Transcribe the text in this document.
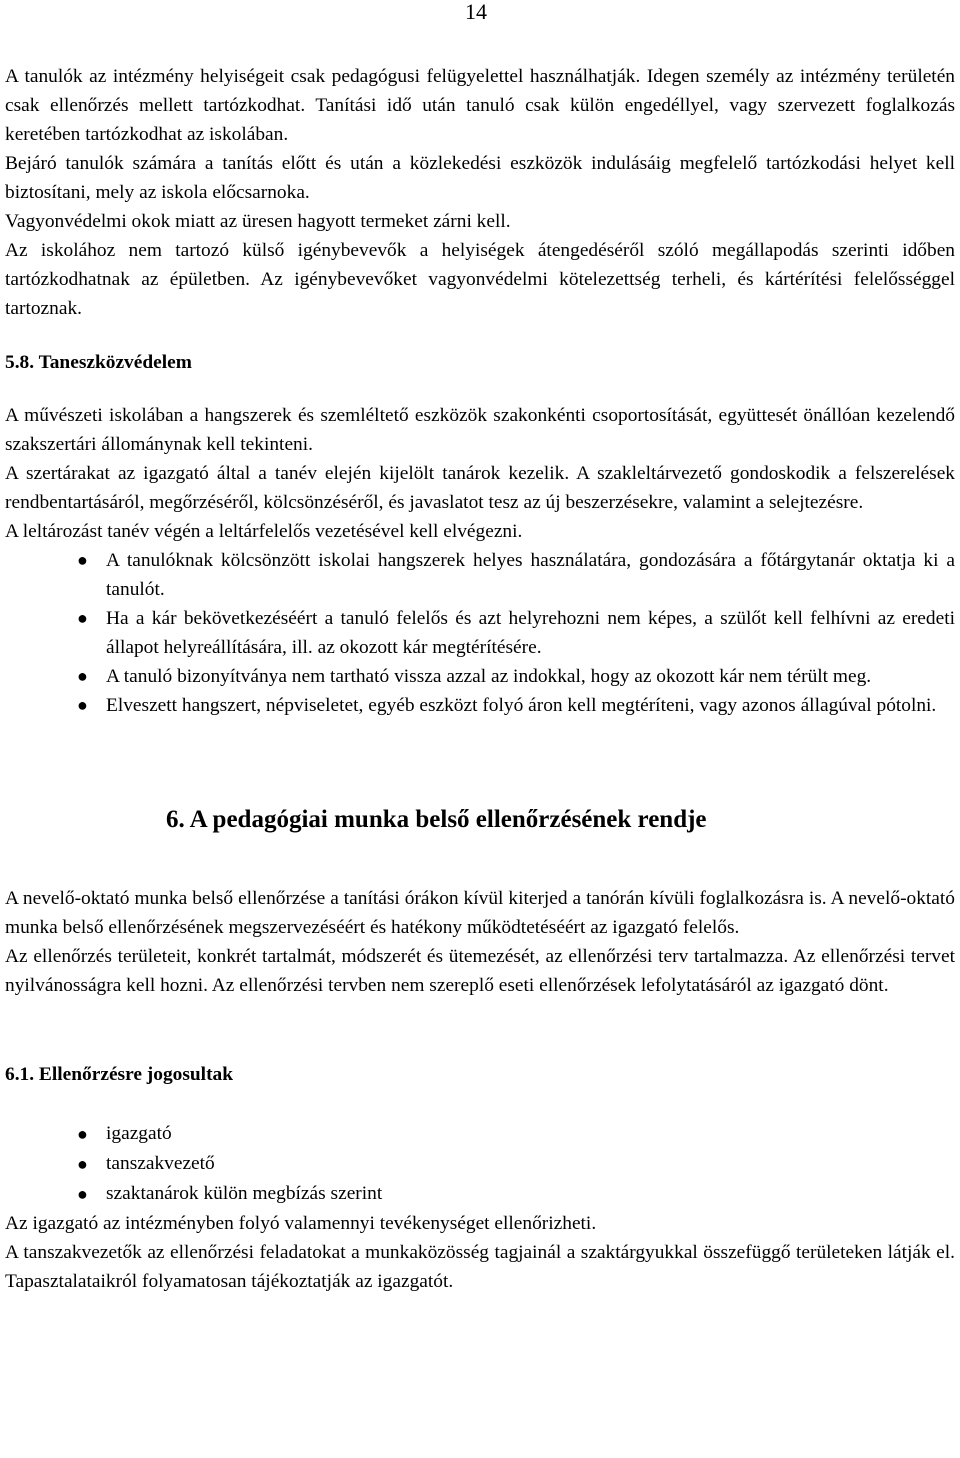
14

A tanulók az intézmény helyiségeit csak pedagógusi felügyelettel használhatják. Idegen személy az intézmény területén csak ellenőrzés mellett tartózkodhat. Tanítási idő után tanuló csak külön engedéllyel, vagy szervezett foglalkozás keretében tartózkodhat az iskolában.

Bejáró tanulók számára a tanítás előtt és után a közlekedési eszközök indulásáig megfelelő tartózkodási helyet kell biztosítani, mely az iskola előcsarnoka.

Vagyonvédelmi okok miatt az üresen hagyott termeket zárni kell.

Az iskolához nem tartozó külső igénybevevők a helyiségek átengedéséről szóló megállapodás szerinti időben tartózkodhatnak az épületben. Az igénybevevőket vagyonvédelmi kötelezettség terheli, és kártérítési felelősséggel tartoznak.

5.8. Taneszközvédelem

A művészeti iskolában a hangszerek és szemléltető eszközök szakonkénti csoportosítását, együttesét önállóan kezelendő szakszertári állománynak kell tekinteni.

A szertárakat az igazgató által a tanév elején kijelölt tanárok kezelik. A szakleltárvezető gondoskodik a felszerelések rendbentartásáról, megőrzéséről, kölcsönzéséről, és javaslatot tesz az új beszerzésekre, valamint a selejtezésre.

A leltározást tanév végén a leltárfelelős vezetésével kell elvégezni.

● A tanulóknak kölcsönzött iskolai hangszerek helyes használatára, gondozására a főtárgytanár oktatja ki a tanulót.
● Ha a kár bekövetkezéséért a tanuló felelős és azt helyrehozni nem képes, a szülőt kell felhívni az eredeti állapot helyreállítására, ill. az okozott kár megtérítésére.
● A tanuló bizonyítványa nem tartható vissza azzal az indokkal, hogy az okozott kár nem térült meg.
● Elveszett hangszert, népviseletet, egyéb eszközt folyó áron kell megtéríteni, vagy azonos állagúval pótolni.
6. A pedagógiai munka belső ellenőrzésének rendje

A nevelő-oktató munka belső ellenőrzése a tanítási órákon kívül kiterjed a tanórán kívüli foglalkozásra is. A nevelő-oktató munka belső ellenőrzésének megszervezéséért és hatékony működtetéséért az igazgató felelős.

Az ellenőrzés területeit, konkrét tartalmát, módszerét és ütemezését, az ellenőrzési terv tartalmazza. Az ellenőrzési tervet nyilvánosságra kell hozni. Az ellenőrzési tervben nem szereplő eseti ellenőrzések lefolytatásáról az igazgató dönt.

6.1. Ellenőrzésre jogosultak
● igazgató
● tanszakvezető
● szaktanárok külön megbízás szerint

Az igazgató az intézményben folyó valamennyi tevékenységet ellenőrizheti.

A tanszakvezetők az ellenőrzési feladatokat a munkaközösség tagjainál a szaktárgyukkal összefüggő területeken látják el. Tapasztalataikról folyamatosan tájékoztatják az igazgatót.
